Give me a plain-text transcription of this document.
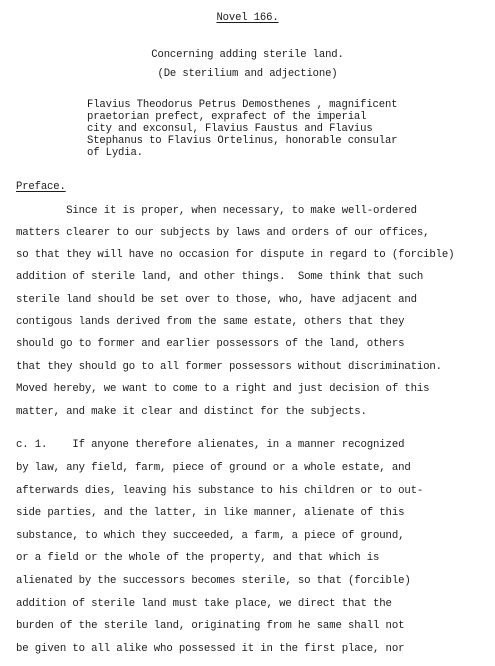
Novel 166.
Concerning adding sterile land.
(De sterilium and adjectione)
Flavius Theodorus Petrus Demosthenes , magnificent
praetorian prefect, exprafect of the imperial
city and exconsul, Flavius Faustus and Flavius
Stephanus to Flavius Ortelinus, honorable consular
of Lydia.
Preface.
Since it is proper, when necessary, to make well-ordered
matters clearer to our subjects by laws and orders of our offices,
so that they will have no occasion for dispute in regard to (forcible)
addition of sterile land, and other things.  Some think that such
sterile land should be set over to those, who, have adjacent and
contigous lands derived from the same estate, others that they
should go to former and earlier possessors of the land, others
that they should go to all former possessors without discrimination.
Moved hereby, we want to come to a right and just decision of this
matter, and make it clear and distinct for the subjects.
c. 1.    If anyone therefore alienates, in a manner recognized
by law, any field, farm, piece of ground or a whole estate, and
afterwards dies, leaving his substance to his children or to out-
side parties, and the latter, in like manner, alienate of this
substance, to which they succeeded, a farm, a piece of ground,
or a field or the whole of the property, and that which is
alienated by the successors becomes sterile, so that (forcible)
addition of sterile land must take place, we direct that the
burden of the sterile land, originating from he same shall not
be given to all alike who possessed it in the first place, nor
